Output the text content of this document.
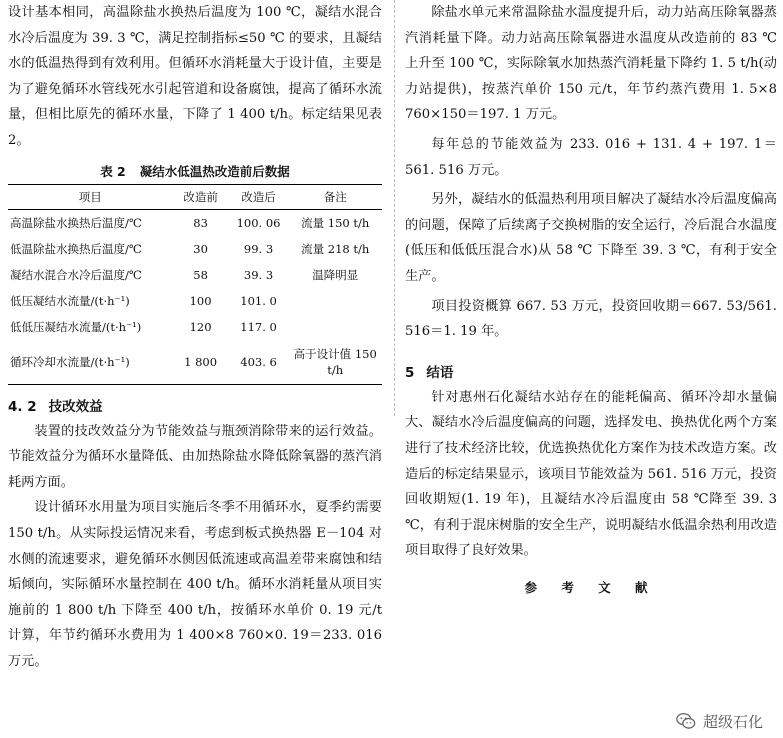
设计基本相同，高温除盐水换热后温度为 100 ℃，凝结水混合水冷后温度为 39. 3 ℃，满足控制指标≤50 ℃ 的要求，且凝结水的低温热得到有效利用。但循环水消耗量大于设计值，主要是为了避免循环水管线死水引起管道和设备腐蚀，提高了循环水流量，但相比原先的循环水量，下降了 1 400 t/h。标定结果见表 2。

表 2 凝结水低温热改造前后数据
项目	改造前	改造后	备注
高温除盐水换热后温度/℃	83	100. 06	流量 150 t/h
低温除盐水换热后温度/℃	30	99. 3	流量 218 t/h
凝结水混合水冷后温度/℃	58	39. 3	温降明显
低压凝结水流量/(t·h⁻¹)	100	101. 0	
低低压凝结水流量/(t·h⁻¹)	120	117. 0	
循环冷却水流量/(t·h⁻¹)	1 800	403. 6	高于设计值 150 t/h
4. 2 技改效益

装置的技改效益分为节能效益与瓶颈消除带来的运行效益。节能效益分为循环水量降低、由加热除盐水降低除氧器的蒸汽消耗两方面。

设计循环水用量为项目实施后冬季不用循环水，夏季约需要 150 t/h。从实际投运情况来看，考虑到板式换热器 E－104 对水侧的流速要求，避免循环水侧因低流速或高温差带来腐蚀和结垢倾向，实际循环水量控制在 400 t/h。循环水消耗量从项目实施前的 1 800 t/h 下降至 400 t/h，按循环水单价 0. 19 元/t 计算，年节约循环水费用为 1 400×8 760×0. 19＝233. 016 万元。

除盐水单元来常温除盐水温度提升后，动力站高压除氧器蒸汽消耗量下降。动力站高压除氧器进水温度从改造前的 83 ℃ 上升至 100 ℃，实际除氧水加热蒸汽消耗量下降约 1. 5 t/h(动力站提供)，按蒸汽单价 150 元/t，年节约蒸汽费用 1. 5×8 760×150＝197. 1 万元。

每年总的节能效益为 233. 016 + 131. 4 + 197. 1＝561. 516 万元。

另外，凝结水的低温热利用项目解决了凝结水冷后温度偏高的问题，保障了后续离子交换树脂的安全运行，冷后混合水温度(低压和低低压混合水)从 58 ℃ 下降至 39. 3 ℃，有利于安全生产。

项目投资概算 667. 53 万元，投资回收期＝667. 53/561. 516＝1. 19 年。

5 结语

针对惠州石化凝结水站存在的能耗偏高、循环冷却水量偏大、凝结水冷后温度偏高的问题，选择发电、换热优化两个方案进行了技术经济比较，优选换热优化方案作为技术改造方案。改造后的标定结果显示，该项目节能效益为 561. 516 万元，投资回收期短(1. 19 年)，且凝结水冷后温度由 58 ℃降至 39. 3 ℃，有利于混床树脂的安全生产，说明凝结水低温余热利用改造项目取得了良好效果。

参 考 文 献
超级石化
